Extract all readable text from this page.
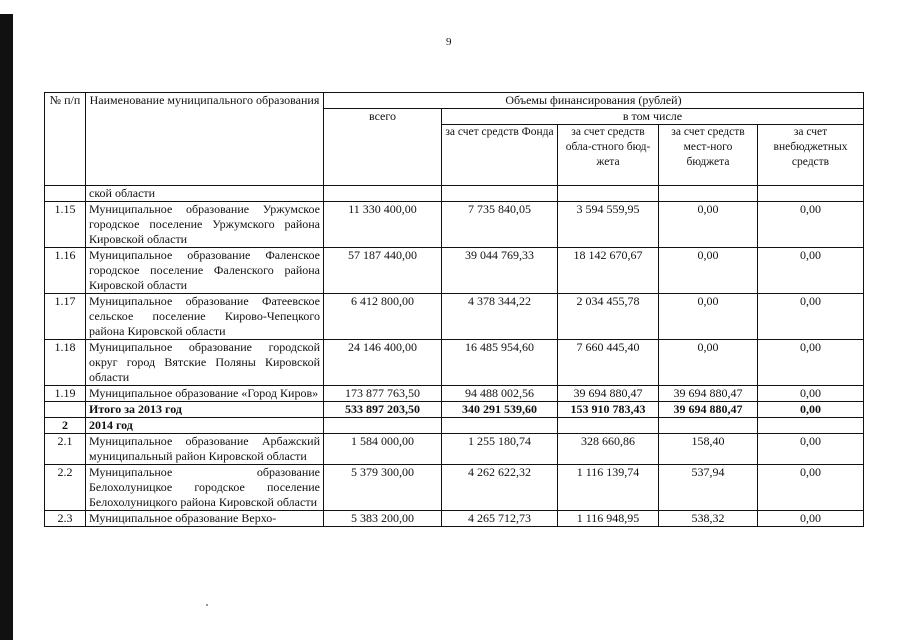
9
№ п/п	Наименование муниципального образования	Объемы финансирования (рублей)				
		всего	в том числе			
			за счет средств Фонда	за счет средств обла-стного бюд-жета	за счет средств мест-ного бюджета	за счет внебюджетных средств
	ской области					
1.15	Муниципальное образование Уржумское городское поселение Уржумского района Кировской области	11 330 400,00	7 735 840,05	3 594 559,95	0,00	0,00
1.16	Муниципальное образование Фаленское городское поселение Фаленского района Кировской области	57 187 440,00	39 044 769,33	18 142 670,67	0,00	0,00
1.17	Муниципальное образование Фатеевское сельское поселение Кирово-Чепецкого района Кировской области	6 412 800,00	4 378 344,22	2 034 455,78	0,00	0,00
1.18	Муниципальное образование городской округ город Вятские Поляны Кировской области	24 146 400,00	16 485 954,60	7 660 445,40	0,00	0,00
1.19	Муниципальное образование «Город Киров»	173 877 763,50	94 488 002,56	39 694 880,47	39 694 880,47	0,00
	Итого за 2013 год	533 897 203,50	340 291 539,60	153 910 783,43	39 694 880,47	0,00
2	2014 год					
2.1	Муниципальное образование Арбажский муниципальный район Кировской области	1 584 000,00	1 255 180,74	328 660,86	158,40	0,00
2.2	Муниципальное образование Белохолуницкое городское поселение Белохолуницкого района Кировской области	5 379 300,00	4 262 622,32	1 116 139,74	537,94	0,00
2.3	Муниципальное образование Верхо-	5 383 200,00	4 265 712,73	1 116 948,95	538,32	0,00
